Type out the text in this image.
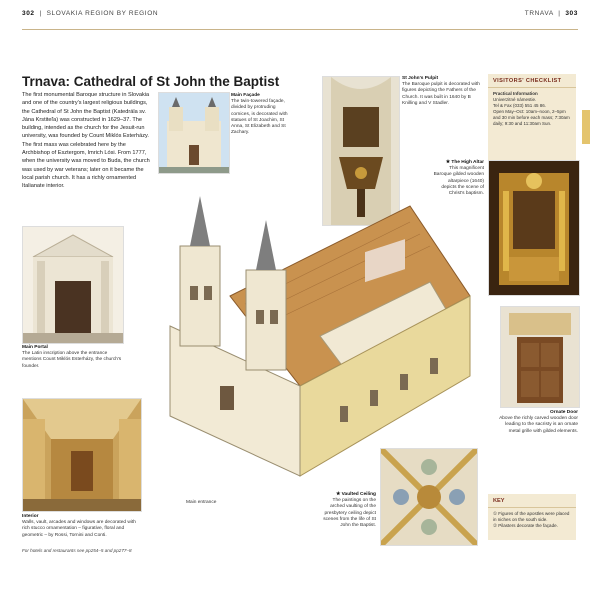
302  |  SLOVAKIA REGION BY REGION	TRNAVA  |  303
Trnava: Cathedral of St John the Baptist
The first monumental Baroque structure in Slovakia and one of the country's largest religious buildings, the Cathedral of St John the Baptist (Katedrála sv. Jána Krstiteľa) was constructed in 1629–37. The building, intended as the church for the Jesuit-run university, was founded by Count Miklós Esterházy. The first mass was celebrated here by the Archbishop of Esztergom, Imrich Lósi. From 1777, when the university was moved to Buda, the church was used by war veterans; later on it became the local parish church. It has a richly ornamented Italianate interior.
Main Façade
The twin-towered façade, divided by protruding cornices, is decorated with statues of St Joachim, St Anna, St Elizabeth and St Zachary.
St John's Pulpit
The Baroque pulpit is decorated with figures depicting the Fathers of the Church. It was built in 1640 by B Knilling and V Stadler.
VISITORS' CHECKLIST
Practical Information
Univerzitné námestie.
Tel & Fax (033) 551 45 86.
Open May–Oct: 10am–noon, 2–5pm and 30 min before each mass; 7:30am daily; 9:30 and 11:30am Sun.
★ The High Altar
This magnificent Baroque gilded wooden altarpiece (1640) depicts the scene of Christ's baptism.
Main Portal
The Latin inscription above the entrance mentions Count Miklós Esterházy, the church's founder.
Main entrance
Ornate Door
Above the richly carved wooden door leading to the sacristy is an ornate metal grille with gilded elements.
Interior
Walls, vault, arcades and windows are decorated with rich stucco ornamentation – figurative, floral and geometric – by Rossi, Tornini and Conti.
★ Vaulted Ceiling
The paintings on the arched vaulting of the presbytery ceiling depict scenes from the life of St John the Baptist.
KEY
① Figures of the apostles were placed in niches on the south side.
② Pilasters decorate the façade.
For hotels and restaurants see pp254–5 and pp277–8
